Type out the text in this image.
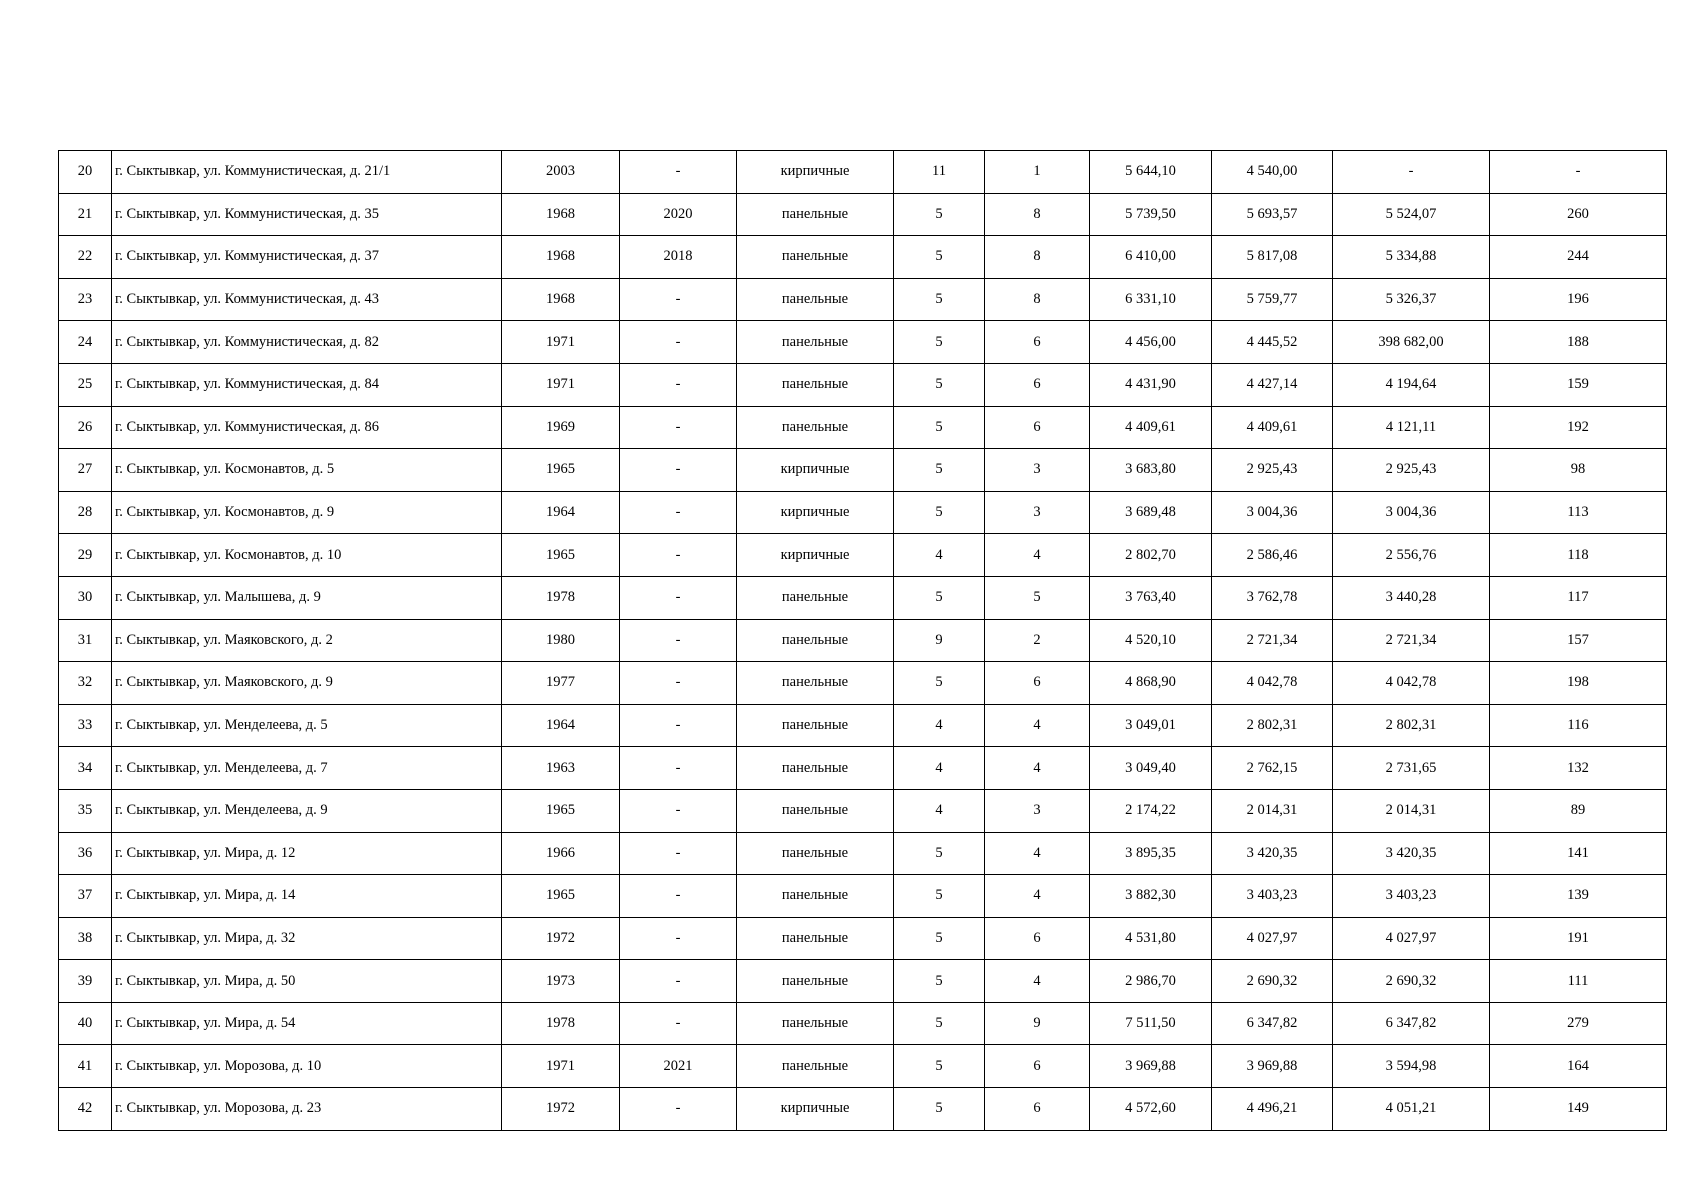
20	г. Сыктывкар, ул. Коммунистическая, д. 21/1	2003	-	кирпичные	11	1	5 644,10	4 540,00	-	-
21	г. Сыктывкар, ул. Коммунистическая, д. 35	1968	2020	панельные	5	8	5 739,50	5 693,57	5 524,07	260
22	г. Сыктывкар, ул. Коммунистическая, д. 37	1968	2018	панельные	5	8	6 410,00	5 817,08	5 334,88	244
23	г. Сыктывкар, ул. Коммунистическая, д. 43	1968	-	панельные	5	8	6 331,10	5 759,77	5 326,37	196
24	г. Сыктывкар, ул. Коммунистическая, д. 82	1971	-	панельные	5	6	4 456,00	4 445,52	398 682,00	188
25	г. Сыктывкар, ул. Коммунистическая, д. 84	1971	-	панельные	5	6	4 431,90	4 427,14	4 194,64	159
26	г. Сыктывкар, ул. Коммунистическая, д. 86	1969	-	панельные	5	6	4 409,61	4 409,61	4 121,11	192
27	г. Сыктывкар, ул. Космонавтов, д. 5	1965	-	кирпичные	5	3	3 683,80	2 925,43	2 925,43	98
28	г. Сыктывкар, ул. Космонавтов, д. 9	1964	-	кирпичные	5	3	3 689,48	3 004,36	3 004,36	113
29	г. Сыктывкар, ул. Космонавтов, д. 10	1965	-	кирпичные	4	4	2 802,70	2 586,46	2 556,76	118
30	г. Сыктывкар, ул. Малышева, д. 9	1978	-	панельные	5	5	3 763,40	3 762,78	3 440,28	117
31	г. Сыктывкар, ул. Маяковского, д. 2	1980	-	панельные	9	2	4 520,10	2 721,34	2 721,34	157
32	г. Сыктывкар, ул. Маяковского, д. 9	1977	-	панельные	5	6	4 868,90	4 042,78	4 042,78	198
33	г. Сыктывкар, ул. Менделеева, д. 5	1964	-	панельные	4	4	3 049,01	2 802,31	2 802,31	116
34	г. Сыктывкар, ул. Менделеева, д. 7	1963	-	панельные	4	4	3 049,40	2 762,15	2 731,65	132
35	г. Сыктывкар, ул. Менделеева, д. 9	1965	-	панельные	4	3	2 174,22	2 014,31	2 014,31	89
36	г. Сыктывкар, ул. Мира, д. 12	1966	-	панельные	5	4	3 895,35	3 420,35	3 420,35	141
37	г. Сыктывкар, ул. Мира, д. 14	1965	-	панельные	5	4	3 882,30	3 403,23	3 403,23	139
38	г. Сыктывкар, ул. Мира, д. 32	1972	-	панельные	5	6	4 531,80	4 027,97	4 027,97	191
39	г. Сыктывкар, ул. Мира, д. 50	1973	-	панельные	5	4	2 986,70	2 690,32	2 690,32	111
40	г. Сыктывкар, ул. Мира, д. 54	1978	-	панельные	5	9	7 511,50	6 347,82	6 347,82	279
41	г. Сыктывкар, ул. Морозова, д. 10	1971	2021	панельные	5	6	3 969,88	3 969,88	3 594,98	164
42	г. Сыктывкар, ул. Морозова, д. 23	1972	-	кирпичные	5	6	4 572,60	4 496,21	4 051,21	149
